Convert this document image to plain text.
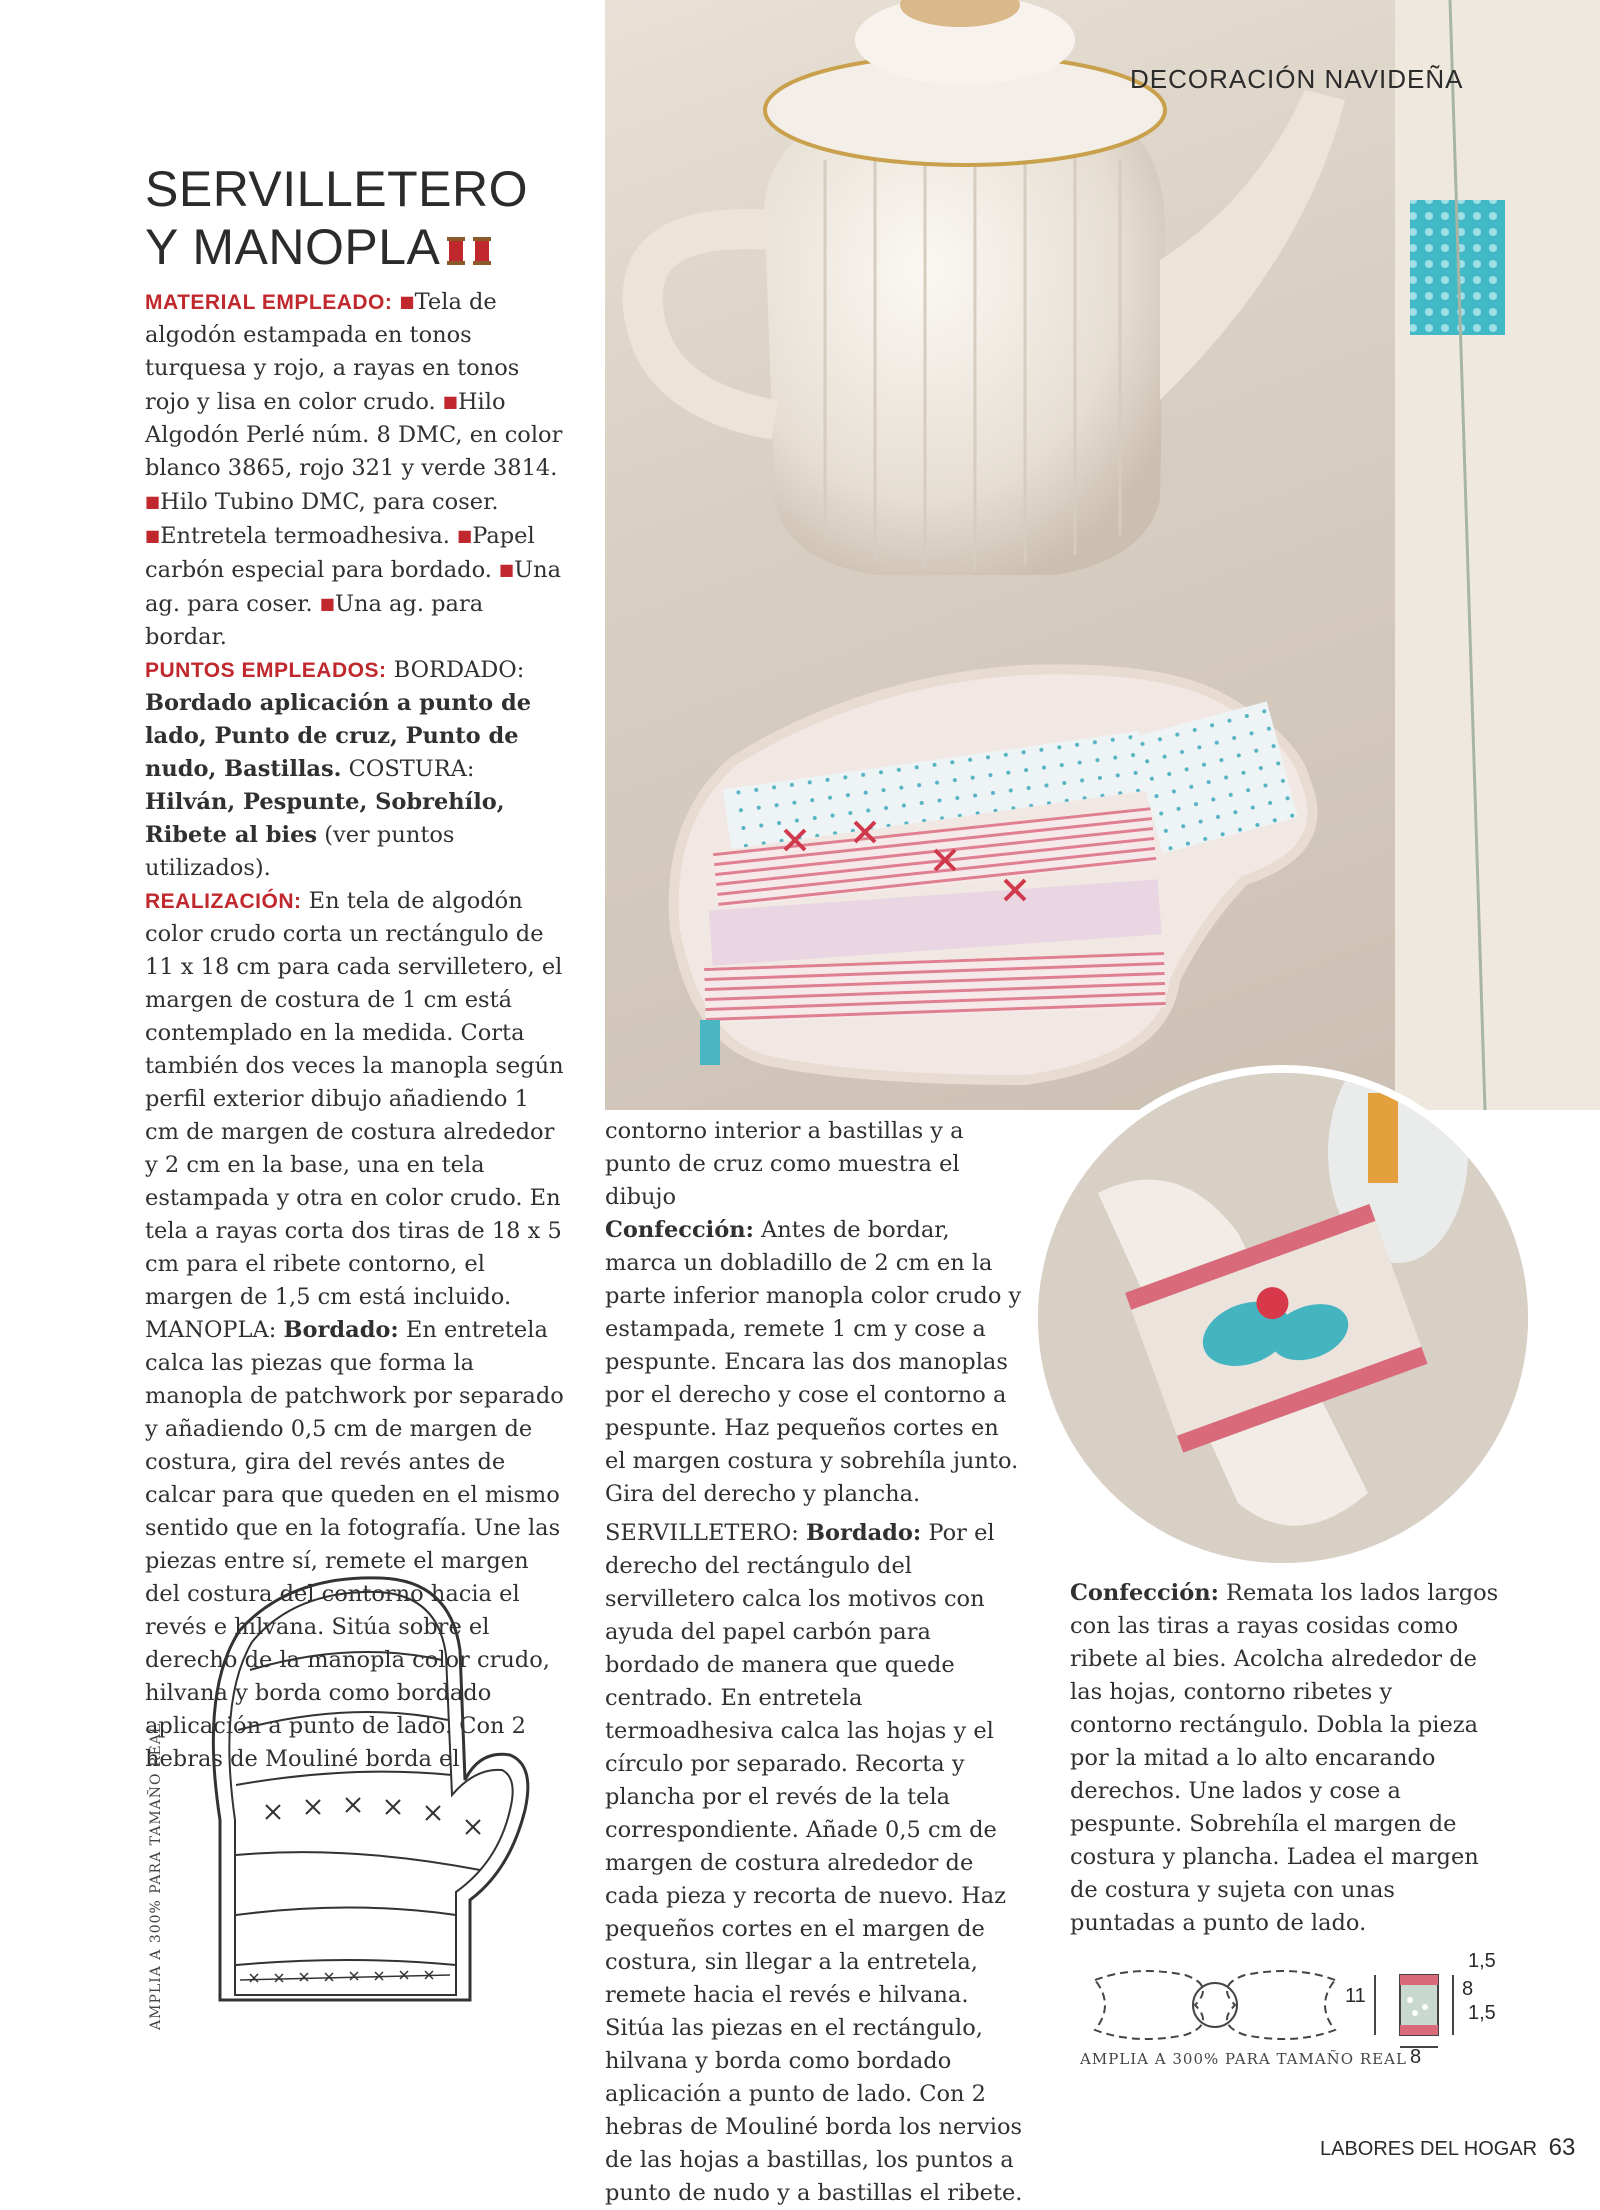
DECORACIÓN NAVIDEÑA
SERVILLETERO
Y MANOPLA

MATERIAL EMPLEADO: ■Tela de algodón estampada en tonos turquesa y rojo, a rayas en tonos rojo y lisa en color crudo. ■Hilo Algodón Perlé núm. 8 DMC, en color blanco 3865, rojo 321 y verde 3814. ■Hilo Tubino DMC, para coser. ■Entretela termoadhesiva. ■Papel carbón especial para bordado. ■Una ag. para coser. ■Una ag. para bordar.

PUNTOS EMPLEADOS: BORDADO: Bordado aplicación a punto de lado, Punto de cruz, Punto de nudo, Bastillas. COSTURA: Hilván, Pespunte, Sobrehílo, Ribete al bies (ver puntos utilizados).

REALIZACIÓN: En tela de algodón color crudo corta un rectángulo de 11 x 18 cm para cada servilletero, el margen de costura de 1 cm está contemplado en la medida. Corta también dos veces la manopla según perfil exterior dibujo añadiendo 1 cm de margen de costura alrededor y 2 cm en la base, una en tela estampada y otra en color crudo. En tela a rayas corta dos tiras de 18 x 5 cm para el ribete contorno, el margen de 1,5 cm está incluido.

MANOPLA: Bordado: En entretela calca las piezas que forma la manopla de patchwork por separado y añadiendo 0,5 cm de margen de costura, gira del revés antes de calcar para que queden en el mismo sentido que en la fotografía. Une las piezas entre sí, remete el margen del costura del contorno hacia el revés e hilvana. Sitúa sobre el derecho de la manopla color crudo, hilvana y borda como bordado aplicación a punto de lado. Con 2 hebras de Mouliné borda el

contorno interior a bastillas y a punto de cruz como muestra el dibujo

Confección: Antes de bordar, marca un dobladillo de 2 cm en la parte inferior manopla color crudo y estampada, remete 1 cm y cose a pespunte. Encara las dos manoplas por el derecho y cose el contorno a pespunte. Haz pequeños cortes en el margen costura y sobrehíla junto. Gira del derecho y plancha.

SERVILLETERO: Bordado: Por el derecho del rectángulo del servilletero calca los motivos con ayuda del papel carbón para bordado de manera que quede centrado. En entretela termoadhesiva calca las hojas y el círculo por separado. Recorta y plancha por el revés de la tela correspondiente. Añade 0,5 cm de margen de costura alrededor de cada pieza y recorta de nuevo. Haz pequeños cortes en el margen de costura, sin llegar a la entretela, remete hacia el revés e hilvana. Sitúa las piezas en el rectángulo, hilvana y borda como bordado aplicación a punto de lado. Con 2 hebras de Mouliné borda los nervios de las hojas a bastillas, los puntos a punto de nudo y a bastillas el ribete.

Confección: Remata los lados largos con las tiras a rayas cosidas como ribete al bies. Acolcha alrededor de las hojas, contorno ribetes y contorno rectángulo. Dobla la pieza por la mitad a lo alto encarando derechos. Une lados y cose a pespunte. Sobrehíla el margen de costura y plancha. Ladea el margen de costura y sujeta con unas puntadas a punto de lado.

AMPLIA A 300% PARA TAMAÑO REAL	11
1,5
8
1,5
8
AMPLIA A 300% PARA TAMAÑO REAL
LABORES DEL HOGAR 63
